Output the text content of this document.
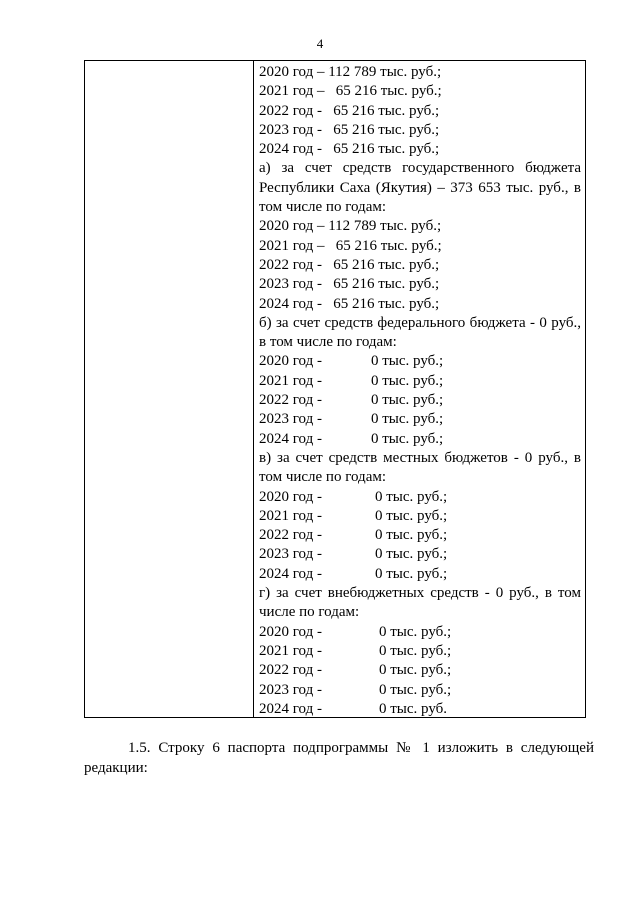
4
2020 год – 112 789 тыс. руб.;
2021 год –   65 216 тыс. руб.;
2022 год -   65 216 тыс. руб.;
2023 год -   65 216 тыс. руб.;
2024 год -   65 216 тыс. руб.;
а) за счет средств государственного бюджета Республики Саха (Якутия) – 373 653 тыс. руб., в том числе по годам:
2020 год – 112 789 тыс. руб.;
2021 год –   65 216 тыс. руб.;
2022 год -   65 216 тыс. руб.;
2023 год -   65 216 тыс. руб.;
2024 год -   65 216 тыс. руб.;
б) за счет средств федерального бюджета - 0 руб., в том числе по годам:
2020 год -	0 тыс. руб.;
2021 год -	0 тыс. руб.;
2022 год -	0 тыс. руб.;
2023 год -	0 тыс. руб.;
2024 год -	0 тыс. руб.;
в) за счет средств местных бюджетов - 0 руб., в том числе по годам:
2020 год -	0 тыс. руб.;
2021 год -	0 тыс. руб.;
2022 год -	0 тыс. руб.;
2023 год -	0 тыс. руб.;
2024 год -	0 тыс. руб.;
г) за счет внебюджетных средств - 0 руб., в том числе по годам:
2020 год -	0 тыс. руб.;
2021 год -	0 тыс. руб.;
2022 год -	0 тыс. руб.;
2023 год -	0 тыс. руб.;
2024 год -	0 тыс. руб.
1.5. Строку 6 паспорта подпрограммы № 1 изложить в следующей редакции:
